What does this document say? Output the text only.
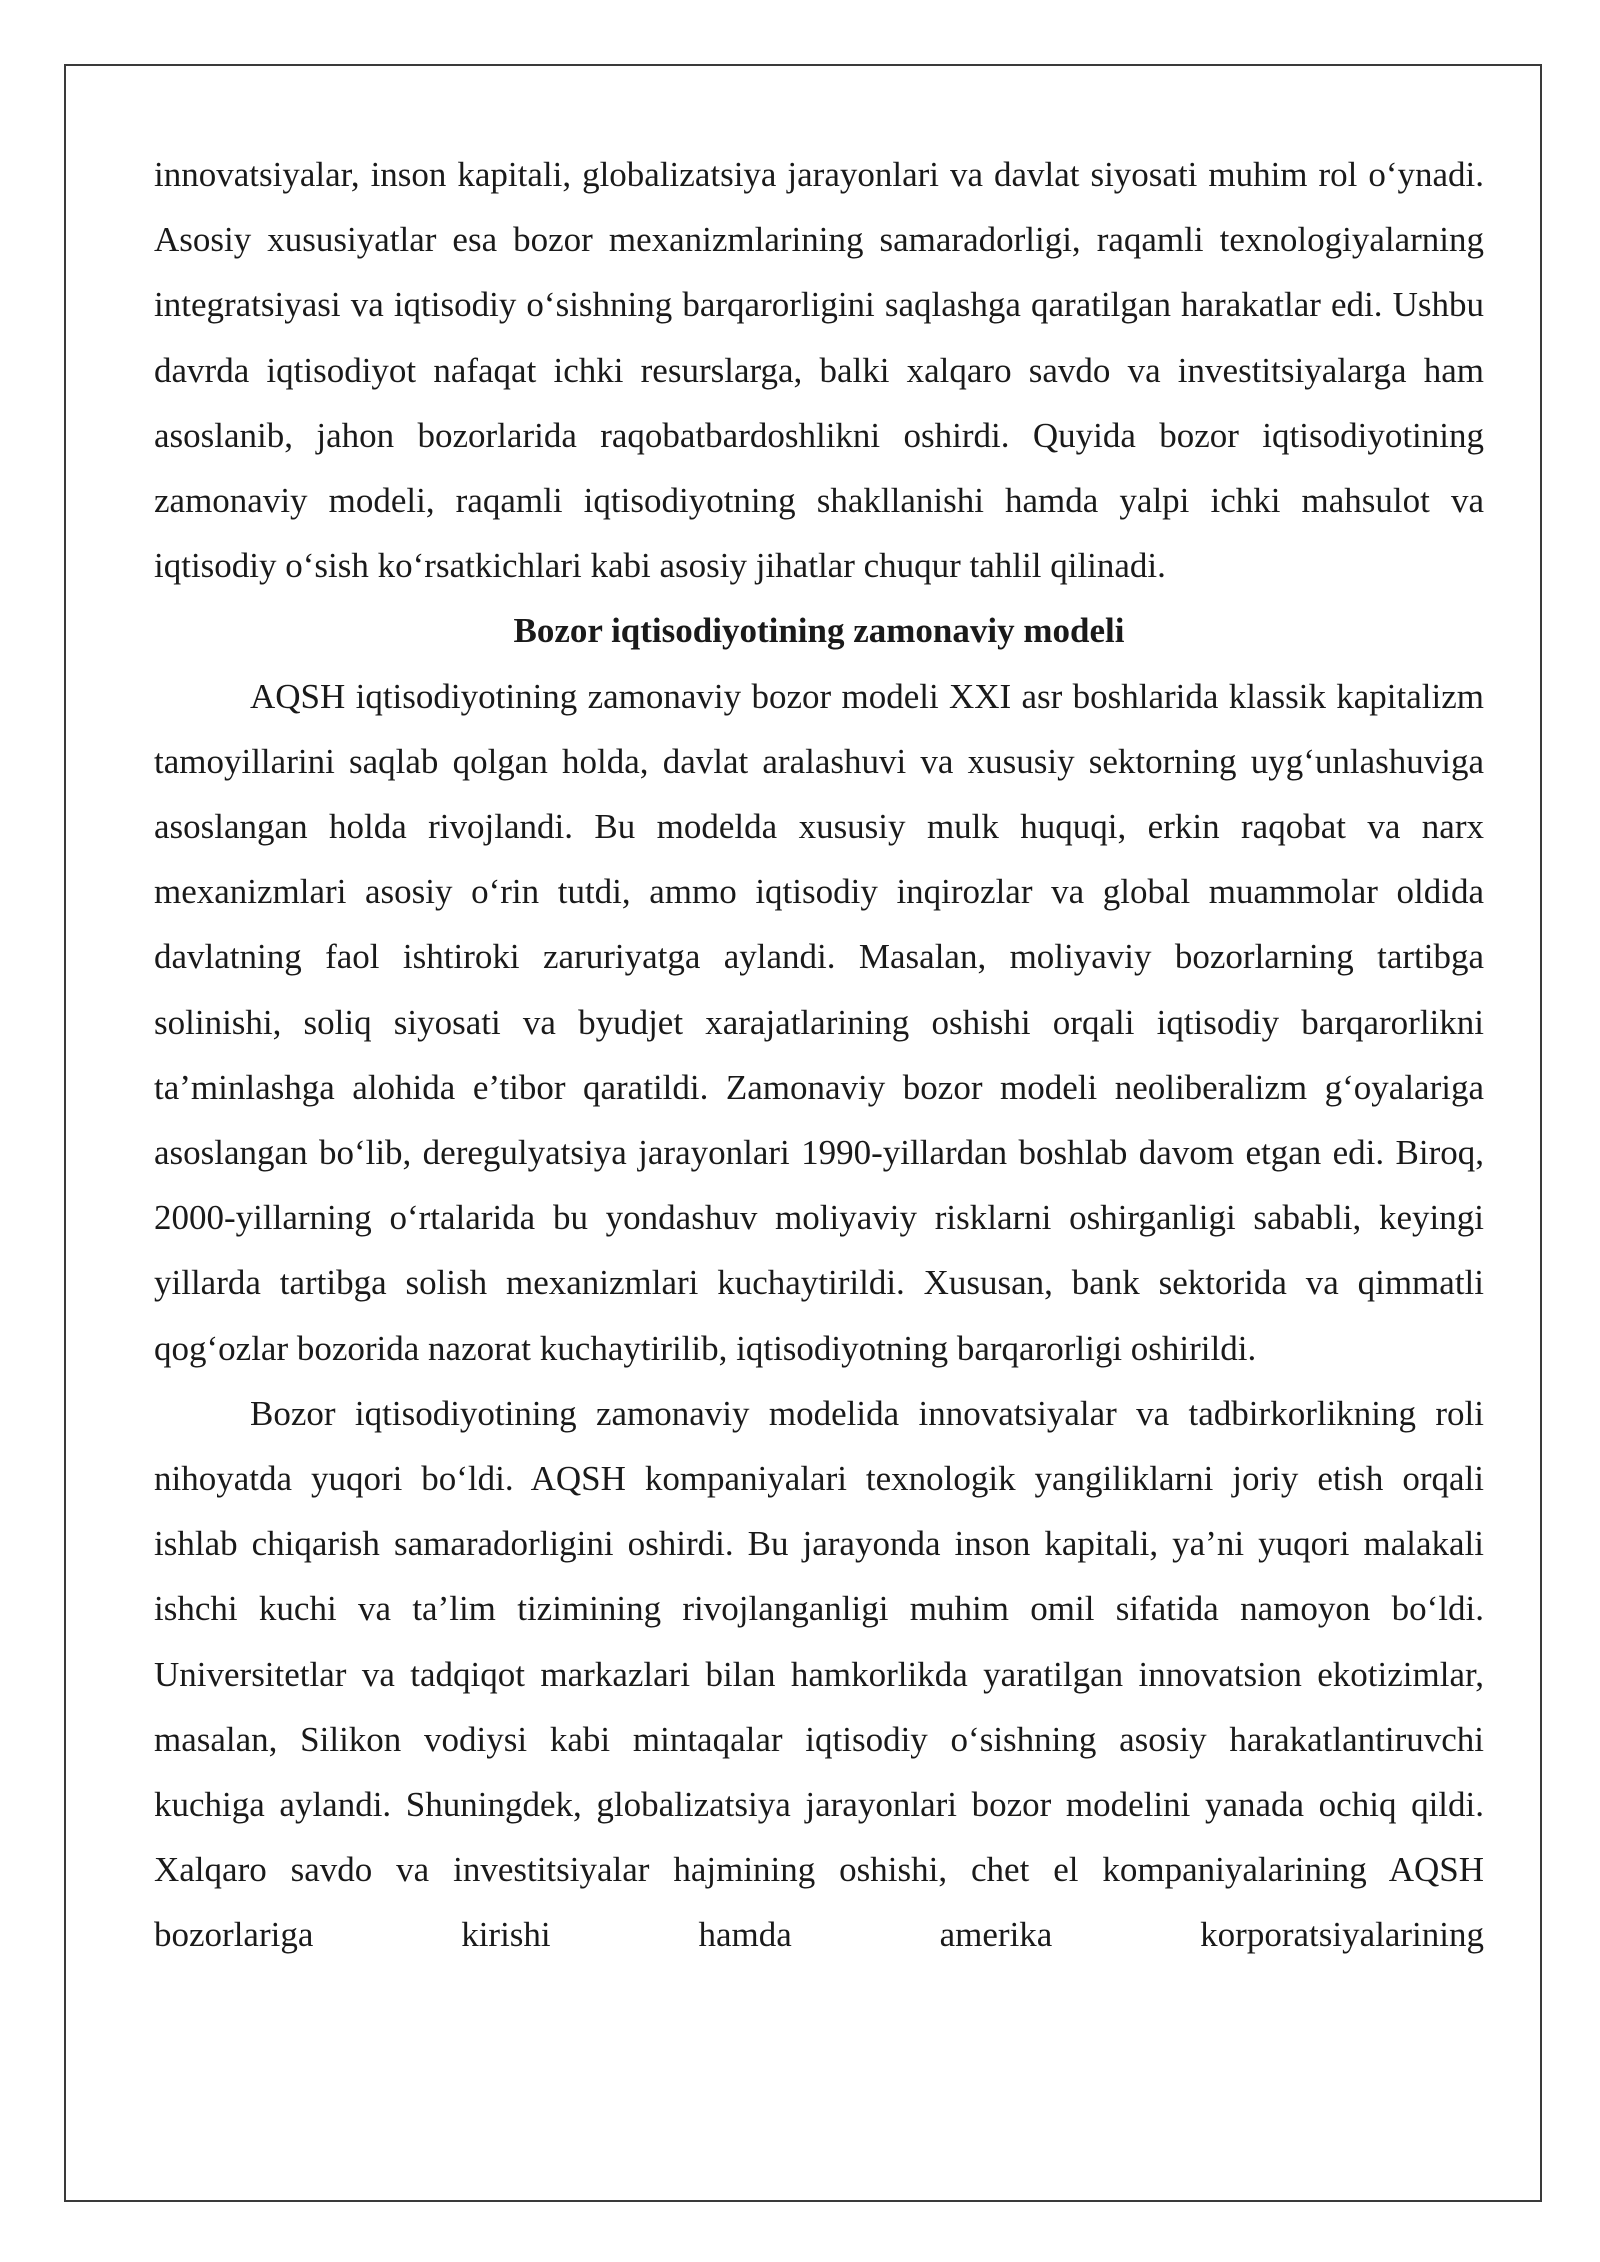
innovatsiyalar, inson kapitali, globalizatsiya jarayonlari va davlat siyosati muhim rol o‘ynadi. Asosiy xususiyatlar esa bozor mexanizmlarining samaradorligi, raqamli texnologiyalarning integratsiyasi va iqtisodiy o‘sishning barqarorligini saqlashga qaratilgan harakatlar edi. Ushbu davrda iqtisodiyot nafaqat ichki resurslarga, balki xalqaro savdo va investitsiyalarga ham asoslanib, jahon bozorlarida raqobatbardoshlikni oshirdi. Quyida bozor iqtisodiyotining zamonaviy modeli, raqamli iqtisodiyotning shakllanishi hamda yalpi ichki mahsulot va iqtisodiy o‘sish ko‘rsatkichlari kabi asosiy jihatlar chuqur tahlil qilinadi.

Bozor iqtisodiyotining zamonaviy modeli

AQSH iqtisodiyotining zamonaviy bozor modeli XXI asr boshlarida klassik kapitalizm tamoyillarini saqlab qolgan holda, davlat aralashuvi va xususiy sektorning uyg‘unlashuviga asoslangan holda rivojlandi. Bu modelda xususiy mulk huquqi, erkin raqobat va narx mexanizmlari asosiy o‘rin tutdi, ammo iqtisodiy inqirozlar va global muammolar oldida davlatning faol ishtiroki zaruriyatga aylandi. Masalan, moliyaviy bozorlarning tartibga solinishi, soliq siyosati va byudjet xarajatlarining oshishi orqali iqtisodiy barqarorlikni ta’minlashga alohida e’tibor qaratildi. Zamonaviy bozor modeli neoliberalizm g‘oyalariga asoslangan bo‘lib, deregulyatsiya jarayonlari 1990-yillardan boshlab davom etgan edi. Biroq, 2000-yillarning o‘rtalarida bu yondashuv moliyaviy risklarni oshirganligi sababli, keyingi yillarda tartibga solish mexanizmlari kuchaytirildi. Xususan, bank sektorida va qimmatli qog‘ozlar bozorida nazorat kuchaytirilib, iqtisodiyotning barqarorligi oshirildi.

Bozor iqtisodiyotining zamonaviy modelida innovatsiyalar va tadbirkorlikning roli nihoyatda yuqori bo‘ldi. AQSH kompaniyalari texnologik yangiliklarni joriy etish orqali ishlab chiqarish samaradorligini oshirdi. Bu jarayonda inson kapitali, ya’ni yuqori malakali ishchi kuchi va ta’lim tizimining rivojlanganligi muhim omil sifatida namoyon bo‘ldi. Universitetlar va tadqiqot markazlari bilan hamkorlikda yaratilgan innovatsion ekotizimlar, masalan, Silikon vodiysi kabi mintaqalar iqtisodiy o‘sishning asosiy harakatlantiruvchi kuchiga aylandi. Shuningdek, globalizatsiya jarayonlari bozor modelini yanada ochiq qildi. Xalqaro savdo va investitsiyalar hajmining oshishi, chet el kompaniyalarining AQSH bozorlariga kirishi hamda amerika korporatsiyalarining
